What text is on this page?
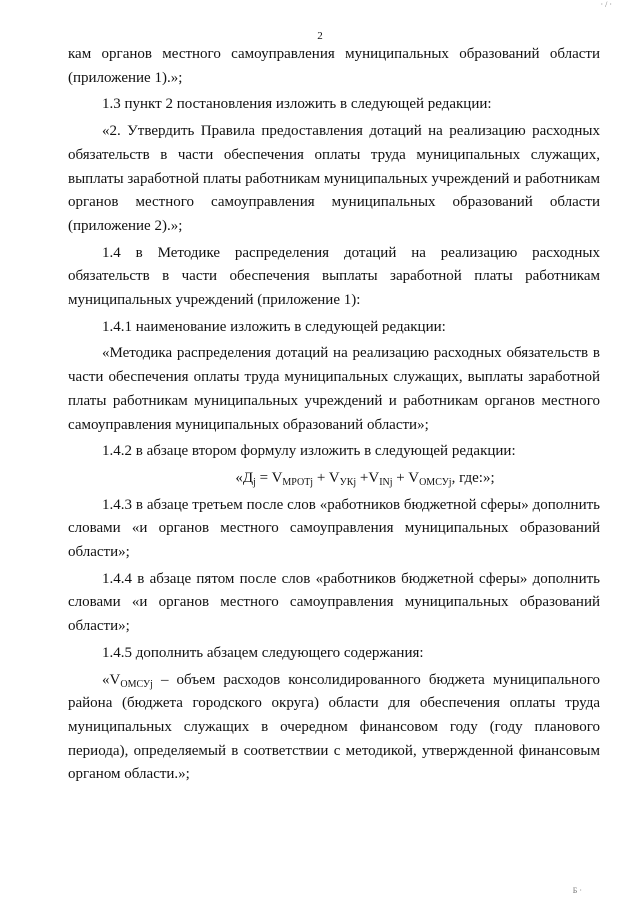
· / ·
2

кам органов местного самоуправления муниципальных образований области (приложение 1).»;

1.3 пункт 2 постановления изложить в следующей редакции:

«2. Утвердить Правила предоставления дотаций на реализацию расходных обязательств в части обеспечения оплаты труда муниципальных служащих, выплаты заработной платы работникам муниципальных учреждений и работникам органов местного самоуправления муниципальных образований области (приложение 2).»;

1.4 в Методике распределения дотаций на реализацию расходных обязательств в части обеспечения выплаты заработной платы работникам муниципальных учреждений (приложение 1):

1.4.1 наименование изложить в следующей редакции:

«Методика распределения дотаций на реализацию расходных обязательств в части обеспечения оплаты труда муниципальных служащих, выплаты заработной платы работникам муниципальных учреждений и работникам органов местного самоуправления муниципальных образований области»;

1.4.2 в абзаце втором формулу изложить в следующей редакции:

«$Д_j = V_{МРОТj} + V_{УКj} +V_{INj} + V_{ОМСУj}$, где:»;

1.4.3 в абзаце третьем после слов «работников бюджетной сферы» дополнить словами «и органов местного самоуправления муниципальных образований области»;

1.4.4 в абзаце пятом после слов «работников бюджетной сферы» дополнить словами «и органов местного самоуправления муниципальных образований области»;

1.4.5 дополнить абзацем следующего содержания:

«$V_{ОМСУj}$ – объем расходов консолидированного бюджета муниципального района (бюджета городского округа) области для обеспечения оплаты труда муниципальных служащих в очередном финансовом году (году планового периода), определяемый в соответствии с методикой, утвержденной финансовым органом области.»;

Б ·
